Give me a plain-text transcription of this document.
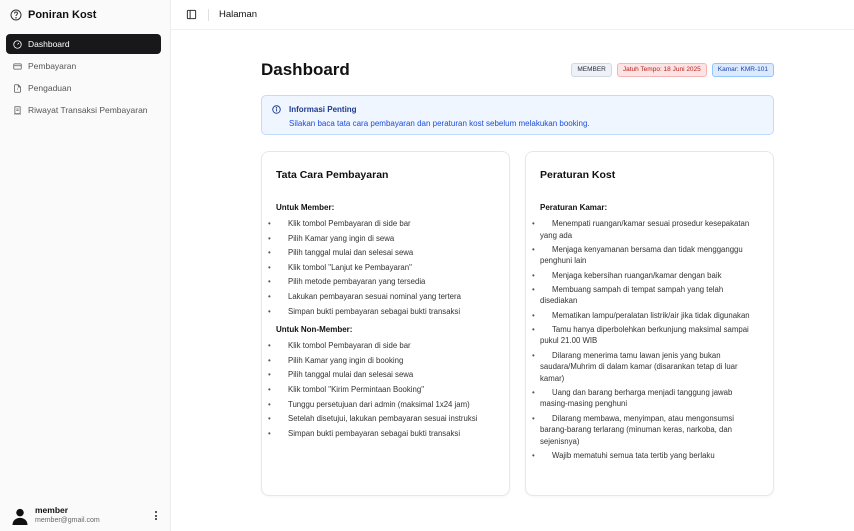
Poniran Kost
Dashboard
Pembayaran
Pengaduan
Riwayat Transaksi Pembayaran
member
member@gmail.com
Halaman
Dashboard	MEMBER	Jatuh Tempo: 18 Juni 2025	Kamar: KMR-101
Informasi Penting
Silakan baca tata cara pembayaran dan peraturan kost sebelum melakukan booking.
Tata Cara Pembayaran
Untuk Member:
• Klik tombol Pembayaran di side bar
• Pilih Kamar yang ingin di sewa
• Pilih tanggal mulai dan selesai sewa
• Klik tombol "Lanjut ke Pembayaran"
• Pilih metode pembayaran yang tersedia
• Lakukan pembayaran sesuai nominal yang tertera
• Simpan bukti pembayaran sebagai bukti transaksi
Untuk Non-Member:
• Klik tombol Pembayaran di side bar
• Pilih Kamar yang ingin di booking
• Pilih tanggal mulai dan selesai sewa
• Klik tombol "Kirim Permintaan Booking"
• Tunggu persetujuan dari admin (maksimal 1x24 jam)
• Setelah disetujui, lakukan pembayaran sesuai instruksi
• Simpan bukti pembayaran sebagai bukti transaksi
Peraturan Kost
Peraturan Kamar:
• Menempati ruangan/kamar sesuai prosedur kesepakatan yang ada
• Menjaga kenyamanan bersama dan tidak mengganggu penghuni lain
• Menjaga kebersihan ruangan/kamar dengan baik
• Membuang sampah di tempat sampah yang telah disediakan
• Mematikan lampu/peralatan listrik/air jika tidak digunakan
• Tamu hanya diperbolehkan berkunjung maksimal sampai pukul 21.00 WIB
• Dilarang menerima tamu lawan jenis yang bukan saudara/Muhrim di dalam kamar (disarankan tetap di luar kamar)
• Uang dan barang berharga menjadi tanggung jawab masing-masing penghuni
• Dilarang membawa, menyimpan, atau mengonsumsi barang-barang terlarang (minuman keras, narkoba, dan sejenisnya)
• Wajib mematuhi semua tata tertib yang berlaku
